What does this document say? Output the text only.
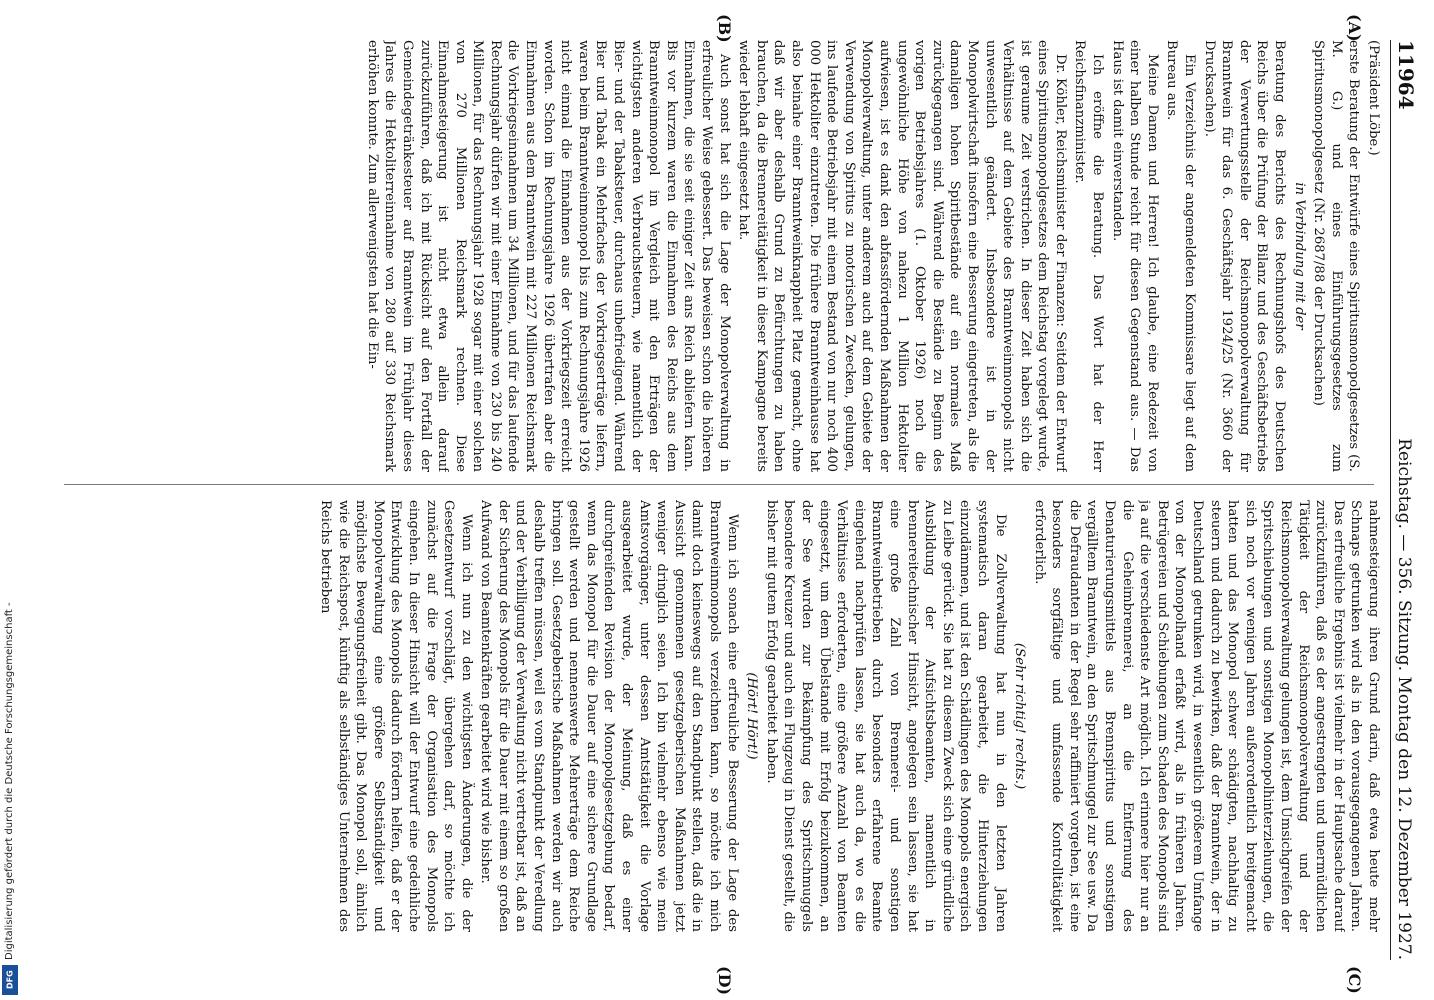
11964
Reichstag. — 356. Sitzung. Montag den 12. Dezember 1927.
(A)
(B)
(C)
(D)

(Präsident Löbe.)

erste Beratung der Entwürfe eines Spiritusmonopolgesetzes (S. M. G.) und eines Einführungsgesetzes zum Spiritusmonopolgesetz (Nr. 2687/88 der Drucksachen)

in Verbindung mit der

Beratung des Berichts des Rechnungshofs des Deutschen Reichs über die Prüfung der Bilanz und des Geschäftsbetriebs der Verwertungsstelle der Reichsmonopolverwaltung für Branntwein für das 6. Geschäftsjahr 1924/25 (Nr. 3660 der Drucksachen).

Ein Verzeichnis der angemeldeten Kommissare liegt auf dem Bureau aus.

Meine Damen und Herren! Ich glaube, eine Redezeit von einer halben Stunde reicht für diesen Gegenstand aus. — Das Haus ist damit einverstanden.

Ich eröffne die Beratung. Das Wort hat der Herr Reichsfinanzminister.

Dr. Köhler, Reichsminister der Finanzen: Seitdem der Entwurf eines Spiritusmonopolgesetzes dem Reichstag vorgelegt wurde, ist geraume Zeit verstrichen. In dieser Zeit haben sich die Verhältnisse auf dem Gebiete des Branntweinmonopols nicht unwesentlich geändert. Insbesondere ist in der Monopolwirtschaft insofern eine Besserung eingetreten, als die damaligen hohen Spiritbestände auf ein normales Maß zurückgegangen sind. Während die Bestände zu Beginn des vorigen Betriebsjahres (1. Oktober 1926) noch die ungewöhnliche Höhe von nahezu 1 Million Hektoliter aufwiesen, ist es dank den abfassfördernden Maßnahmen der Monopolverwaltung, unter anderem auch auf dem Gebiete der Verwendung von Spiritus zu motorischen Zwecken, gelungen, ins laufende Betriebsjahr mit einem Bestand von nur noch 400 000 Hektoliter einzutreten. Die frühere Branntweinhausse hat also beinahe einer Branntweinknappheit Platz gemacht, ohne daß wir aber deshalb Grund zu Befürchtungen zu haben brauchen, da die Brennereitätigkeit in dieser Kampagne bereits wieder lebhaft eingesetzt hat.

Auch sonst hat sich die Lage der Monopolverwaltung in erfreulicher Weise gebessert. Das beweisen schon die höheren Einnahmen, die sie seit einiger Zeit ans Reich abliefern kann. Bis vor kurzem waren die Einnahmen des Reichs aus dem Branntweinmonopol im Vergleich mit den Erträgen der wichtigsten anderen Verbrauchsteuern, wie namentlich der Bier- und der Tabaksteuer, durchaus unbefriedigend. Während Bier und Tabak ein Mehrfaches der Vorkriegserträge liefern, waren beim Branntweinmonopol bis zum Rechnungsjahre 1926 nicht einmal die Einnahmen aus der Vorkriegszeit erreicht worden. Schon im Rechnungsjahre 1926 übertrafen aber die Einnahmen aus dem Branntwein mit 227 Millionen Reichsmark die Vorkriegseinnahmen um 34 Millionen, und für das laufende Rechnungsjahr dürfen wir mit einer Einnahme von 230 bis 240 Millionen, für das Rechnungsjahr 1928 sogar mit einer solchen von 270 Millionen Reichsmark rechnen. Diese Einnahmesteigerung ist nicht etwa allein darauf zurückzuführen, daß ich mit Rücksicht auf den Fortfall der Gemeindegetränkesteuer auf Branntwein im Frühjahr dieses Jahres die Hektoliterreinnahme von 280 auf 330 Reichsmark erhöhen konnte. Zum allerwenigsten hat die Ein-

nahmesteigerung ihren Grund darin, daß etwa heute mehr Schnaps getrunken wird als in den vorausgegangenen Jahren. Das erfreuliche Ergebnis ist vielmehr in der Hauptsache darauf zurückzuführen, daß es der angestrengten und unermüdlichen Tätigkeit der Reichsmonopolverwaltung und der Reichsmonopolverwaltung gelungen ist, dem Umsichgreifen der Spritschiebungen und sonstigen Monopolhinterziehungen, die sich noch vor wenigen Jahren außerordentlich breitgemacht hatten und das Monopol schwer schädigten, nachhaltig zu steuern und dadurch zu bewirken, daß der Branntwein, der in Deutschland getrunken wird, in wesentlich größerem Umfange von der Monopolhand erfaßt wird, als in früheren Jahren. Betrügereien und Schiebungen zum Schaden des Monopols sind ja auf die verschiedenste Art möglich. Ich erinnere hier nur an die Geheimbrennerei, an die Entfernung des Denaturierungsmittels aus Brennspiritus und sonstigem vergälltem Branntwein, an den Spritschmuggel zur See usw. Da die Defraudanten in der Regel sehr raffiniert vorgehen, ist eine besonders sorgfältige und umfassende Kontrolltätigkeit erforderlich.

(Sehr richtig! rechts.)

Die Zollverwaltung hat nun in den letzten Jahren systematisch daran gearbeitet, die Hinterziehungen einzudämmen, und ist den Schädlingen des Monopols energisch zu Leibe gerückt. Sie hat zu diesem Zweck sich eine gründliche Ausbildung der Aufsichtsbeamten, namentlich in brennereitechnischer Hinsicht, angelegen sein lassen, sie hat eine große Zahl von Brennerei- und sonstigen Branntweinbetrieben durch besonders erfahrene Beamte eingehend nachprüfen lassen, sie hat auch da, wo es die Verhältnisse erforderten, eine größere Anzahl von Beamten eingesetzt, um dem Übelstande mit Erfolg beizukommen, an der See wurden zur Bekämpfung des Spritschmuggels besondere Kreuzer und auch ein Flugzeug in Dienst gestellt, die bisher mit gutem Erfolg gearbeitet haben.

(Hört! Hört!)

Wenn ich sonach eine erfreuliche Besserung der Lage des Branntweinmonopols verzeichnen kann, so möchte ich mich damit doch keineswegs auf den Standpunkt stellen, daß die in Aussicht genommenen gesetzgeberischen Maßnahmen jetzt weniger dringlich seien. Ich bin vielmehr ebenso wie mein Amtsvorgänger, unter dessen Amtstätigkeit die Vorlage ausgearbeitet wurde, der Meinung, daß es einer durchgreifenden Revision der Monopolgesetzgebung bedarf, wenn das Monopol für die Dauer auf eine sichere Grundlage gestellt werden und nennenswerte Mehrerträge dem Reiche bringen soll. Gesetzgeberische Maßnahmen werden wir auch deshalb treffen müssen, weil es vom Standpunkt der Veredlung und der Verbilligung der Verwaltung nicht vertretbar ist, daß an der Sicherung des Monopols für die Dauer mit einem so großen Aufwand von Beamtenkräften gearbeitet wird wie bisher.

Wenn ich nun zu den wichtigsten Änderungen, die der Gesetzentwurf vorschlägt, übergehen darf, so möchte ich zunächst auf die Frage der Organisation des Monopols eingehen. In dieser Hinsicht will der Entwurf eine gedeihliche Entwicklung des Monopols dadurch fördern helfen, daß er der Monopolverwaltung eine größere Selbständigkeit und möglichste Bewegungsfreiheit gibt. Das Monopol soll, ähnlich wie die Reichspost, künftig als selbständiges Unternehmen des Reichs betrieben

Digitalisierung gefördert durch die Deutsche Forschungsgemeinschaft -
DFG
